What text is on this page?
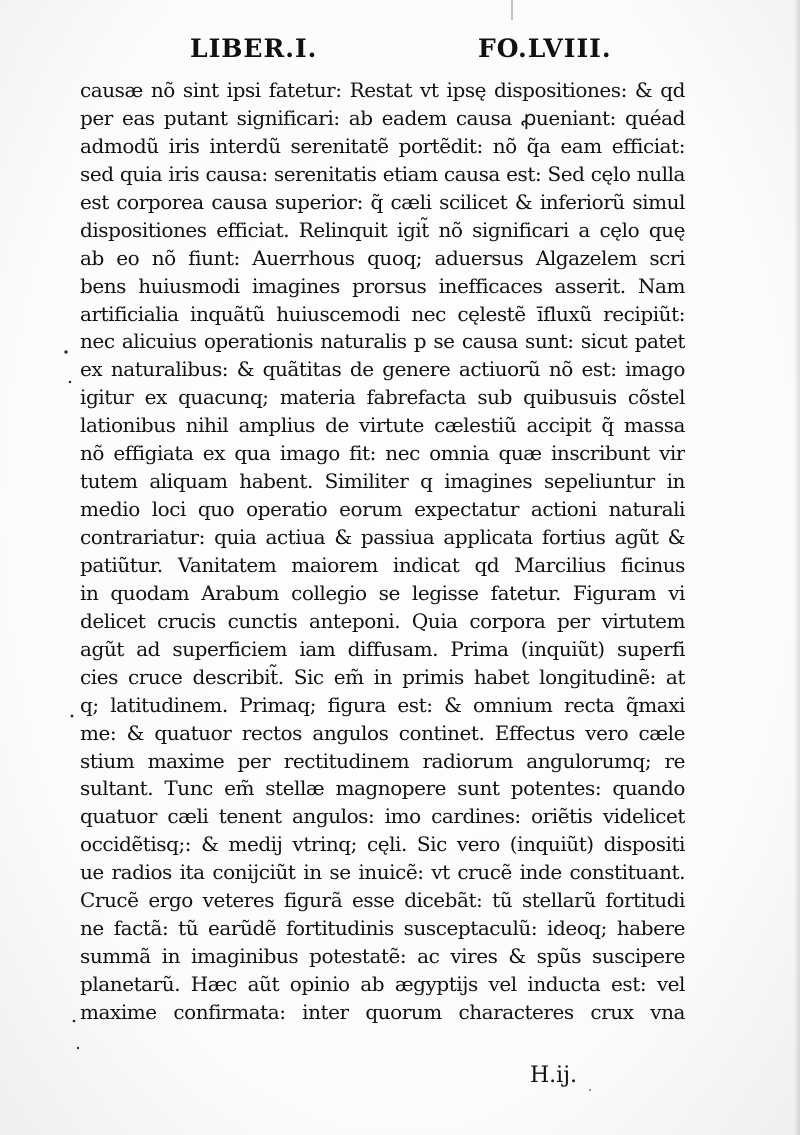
LIBER.I.	FO.LVIII.
causæ nõ sint ipsi fatetur: Restat vt ipsę dispositiones: & qd
per eas putant significari: ab eadem causa ꝓueniant: quéad
admodũ iris interdũ serenitatẽ portẽdit: nõ q̃a eam efficiat:
sed quia iris causa: serenitatis etiam causa est: Sed cęlo nulla
est corporea causa superior: q̃ cæli scilicet & inferiorũ simul
dispositiones efficiat. Relinquit igit̃ nõ significari a cęlo quę
ab eo nõ fiunt: Auerrhous quoq; aduersus Algazelem scri
bens huiusmodi imagines prorsus inefficaces asserit. Nam
artificialia inquãtũ huiuscemodi nec cęlestẽ īfluxũ recipiũt:
nec alicuius operationis naturalis p se causa sunt: sicut patet
ex naturalibus: & quãtitas de genere actiuorũ nõ est: imago
igitur ex quacunq; materia fabrefacta sub quibusuis cõstel
lationibus nihil amplius de virtute cælestiũ accipit q̃ massa
nõ effigiata ex qua imago fit: nec omnia quæ inscribunt vir
tutem aliquam habent. Similiter q imagines sepeliuntur in
medio loci quo operatio eorum expectatur actioni naturali
contrariatur: quia actiua & passiua applicata fortius agũt &
patiũtur. Vanitatem maiorem indicat qd Marcilius ficinus
in quodam Arabum collegio se legisse fatetur. Figuram vi
delicet crucis cunctis anteponi. Quia corpora per virtutem
agũt ad superficiem iam diffusam. Prima (inquiũt) superfi
cies cruce describit̃. Sic em̃ in primis habet longitudinẽ: at
q; latitudinem. Primaq; figura est: & omnium recta q̃maxi
me: & quatuor rectos angulos continet. Effectus vero cæle
stium maxime per rectitudinem radiorum angulorumq; re
sultant. Tunc em̃ stellæ magnopere sunt potentes: quando
quatuor cæli tenent angulos: imo cardines: oriẽtis videlicet
occidẽtisq;: & medij vtrinq; cęli. Sic vero (inquiũt) dispositi
ue radios ita conijciũt in se inuicẽ: vt crucẽ inde constituant.
Crucẽ ergo veteres figurã esse dicebãt: tũ stellarũ fortitudi
ne factã: tũ earũdẽ fortitudinis susceptaculũ: ideoq; habere
summã in imaginibus potestatẽ: ac vires & spũs suscipere
planetarũ. Hæc aũt opinio ab ægyptijs vel inducta est: vel
maxime confirmata: inter quorum characteres crux vna
H.ij.
